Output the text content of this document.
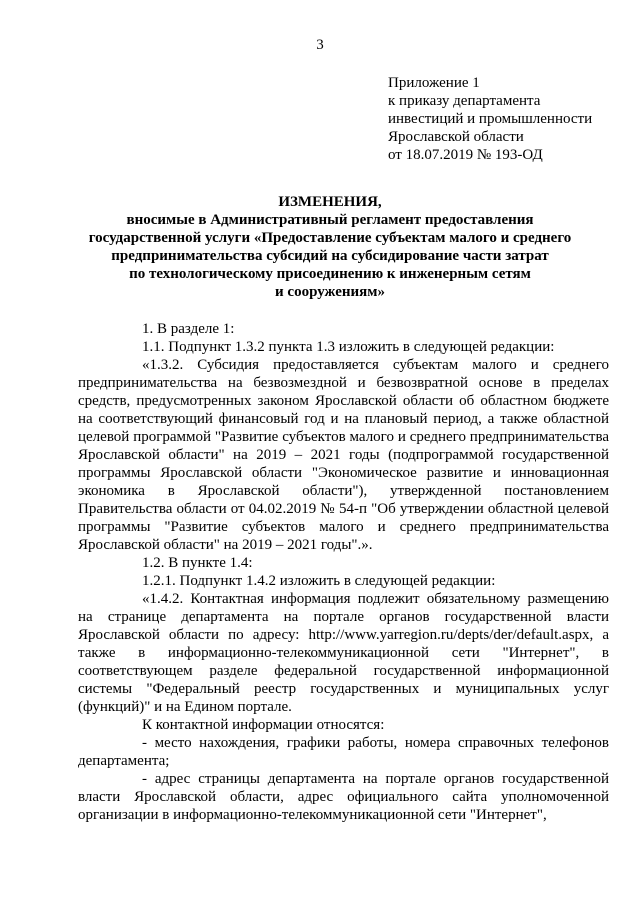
3
Приложение 1
к приказу департамента
инвестиций и промышленности
Ярославской области
от 18.07.2019 № 193-ОД
ИЗМЕНЕНИЯ,
вносимые в Административный регламент предоставления
государственной услуги «Предоставление субъектам малого и среднего
предпринимательства субсидий на субсидирование части затрат
по технологическому присоединению к инженерным сетям
и сооружениям»

1. В разделе 1:

1.1. Подпункт 1.3.2 пункта 1.3 изложить в следующей редакции:

«1.3.2. Субсидия предоставляется субъектам малого и среднего предпринимательства на безвозмездной и безвозвратной основе в пределах средств, предусмотренных законом Ярославской области об областном бюджете на соответствующий финансовый год и на плановый период, а также областной целевой программой "Развитие субъектов малого и среднего предпринимательства Ярославской области" на 2019 – 2021 годы (подпрограммой государственной программы Ярославской области "Экономическое развитие и инновационная экономика в Ярославской области"), утвержденной постановлением Правительства области от 04.02.2019 № 54-п "Об утверждении областной целевой программы "Развитие субъектов малого и среднего предпринимательства Ярославской области" на 2019 – 2021 годы".».

1.2. В пункте 1.4:

1.2.1. Подпункт 1.4.2 изложить в следующей редакции:

«1.4.2. Контактная информация подлежит обязательному размещению на странице департамента на портале органов государственной власти Ярославской области по адресу: http://www.yarregion.ru/depts/der/default.aspx, а также в информационно-телекоммуникационной сети "Интернет", в соответствующем разделе федеральной государственной информационной системы "Федеральный реестр государственных и муниципальных услуг (функций)" и на Едином портале.

К контактной информации относятся:

- место нахождения, графики работы, номера справочных телефонов департамента;

- адрес страницы департамента на портале органов государственной власти Ярославской области, адрес официального сайта уполномоченной организации в информационно-телекоммуникационной сети "Интернет",
